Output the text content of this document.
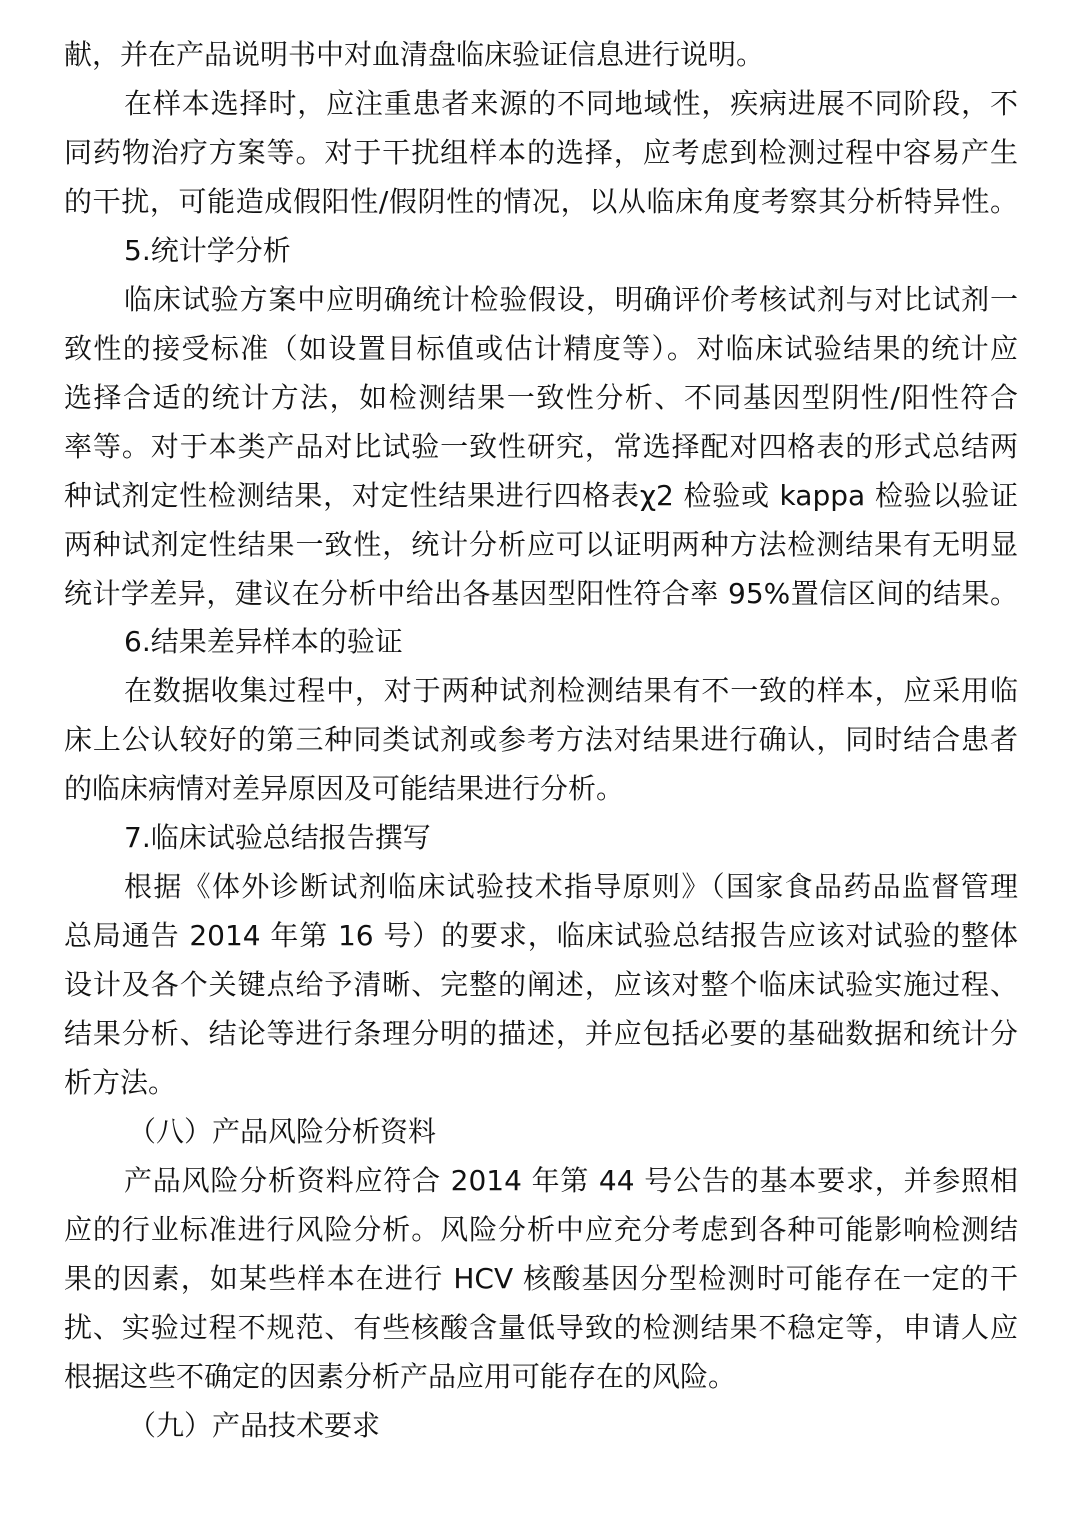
献，并在产品说明书中对血清盘临床验证信息进行说明。
在样本选择时，应注重患者来源的不同地域性，疾病进展不同阶段，不
同药物治疗方案等。对于干扰组样本的选择，应考虑到检测过程中容易产生
的干扰，可能造成假阳性/假阴性的情况，以从临床角度考察其分析特异性。
5.统计学分析
临床试验方案中应明确统计检验假设，明确评价考核试剂与对比试剂一
致性的接受标准（如设置目标值或估计精度等）。对临床试验结果的统计应
选择合适的统计方法，如检测结果一致性分析、不同基因型阴性/阳性符合
率等。对于本类产品对比试验一致性研究，常选择配对四格表的形式总结两
种试剂定性检测结果，对定性结果进行四格表χ2 检验或 kappa 检验以验证
两种试剂定性结果一致性，统计分析应可以证明两种方法检测结果有无明显
统计学差异，建议在分析中给出各基因型阳性符合率 95%置信区间的结果。
6.结果差异样本的验证
在数据收集过程中，对于两种试剂检测结果有不一致的样本，应采用临
床上公认较好的第三种同类试剂或参考方法对结果进行确认，同时结合患者
的临床病情对差异原因及可能结果进行分析。
7.临床试验总结报告撰写
根据《体外诊断试剂临床试验技术指导原则》（国家食品药品监督管理
总局通告 2014 年第 16 号）的要求，临床试验总结报告应该对试验的整体
设计及各个关键点给予清晰、完整的阐述，应该对整个临床试验实施过程、
结果分析、结论等进行条理分明的描述，并应包括必要的基础数据和统计分
析方法。
（八）产品风险分析资料
产品风险分析资料应符合 2014 年第 44 号公告的基本要求，并参照相
应的行业标准进行风险分析。风险分析中应充分考虑到各种可能影响检测结
果的因素，如某些样本在进行 HCV 核酸基因分型检测时可能存在一定的干
扰、实验过程不规范、有些核酸含量低导致的检测结果不稳定等，申请人应
根据这些不确定的因素分析产品应用可能存在的风险。
（九）产品技术要求
